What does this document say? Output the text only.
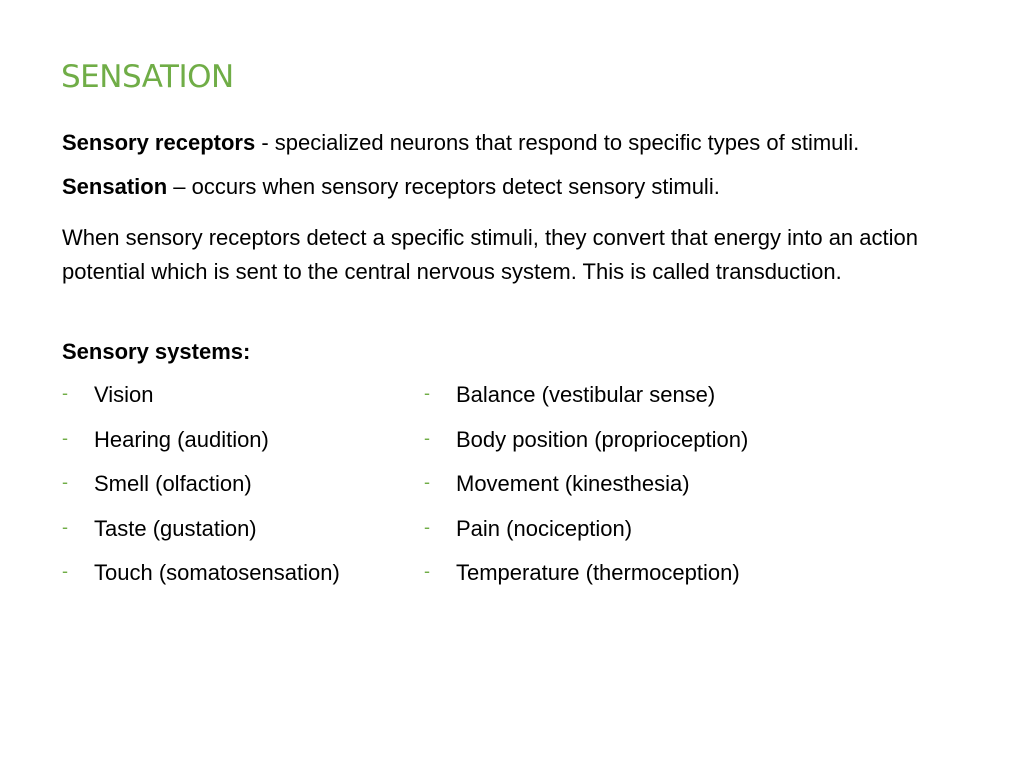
SENSATION

Sensory receptors - specialized neurons that respond to specific types of stimuli.

Sensation – occurs when sensory receptors detect sensory stimuli.

When sensory receptors detect a specific stimuli, they convert that energy into an action potential which is sent to the central nervous system. This is called transduction.

Sensory systems:

- Vision
- Hearing (audition)
- Smell (olfaction)
- Taste (gustation)
- Touch (somatosensation)
- Balance (vestibular sense)
- Body position (proprioception)
- Movement (kinesthesia)
- Pain (nociception)
- Temperature (thermoception)
